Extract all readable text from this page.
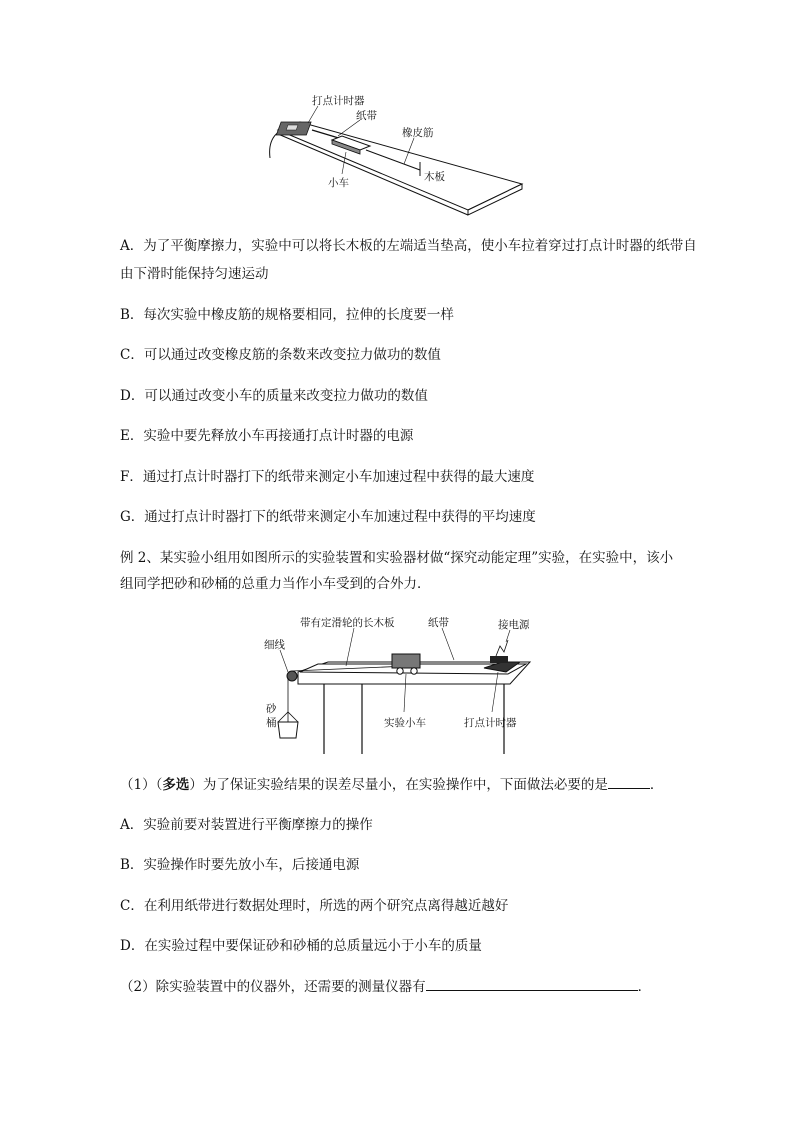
打点计时器
纸带
橡皮筋
木板
小车
A．为了平衡摩擦力，实验中可以将长木板的左端适当垫高，使小车拉着穿过打点计时器的纸带自
由下滑时能保持匀速运动
B．每次实验中橡皮筋的规格要相同，拉伸的长度要一样
C．可以通过改变橡皮筋的条数来改变拉力做功的数值
D．可以通过改变小车的质量来改变拉力做功的数值
E．实验中要先释放小车再接通打点计时器的电源
F．通过打点计时器打下的纸带来测定小车加速过程中获得的最大速度
G．通过打点计时器打下的纸带来测定小车加速过程中获得的平均速度
例 2、某实验小组用如图所示的实验装置和实验器材做“探究动能定理”实验，在实验中，该小组同学把砂和砂桶的总重力当作小车受到的合外力．
带有定滑轮的长木板	纸带	接电源
细线
砂
桶	实验小车	打点计时器
（1）（多选）为了保证实验结果的误差尽量小，在实验操作中，下面做法必要的是	．
A．实验前要对装置进行平衡摩擦力的操作
B．实验操作时要先放小车，后接通电源
C．在利用纸带进行数据处理时，所选的两个研究点离得越近越好
D．在实验过程中要保证砂和砂桶的总质量远小于小车的质量
（2）除实验装置中的仪器外，还需要的测量仪器有	．
